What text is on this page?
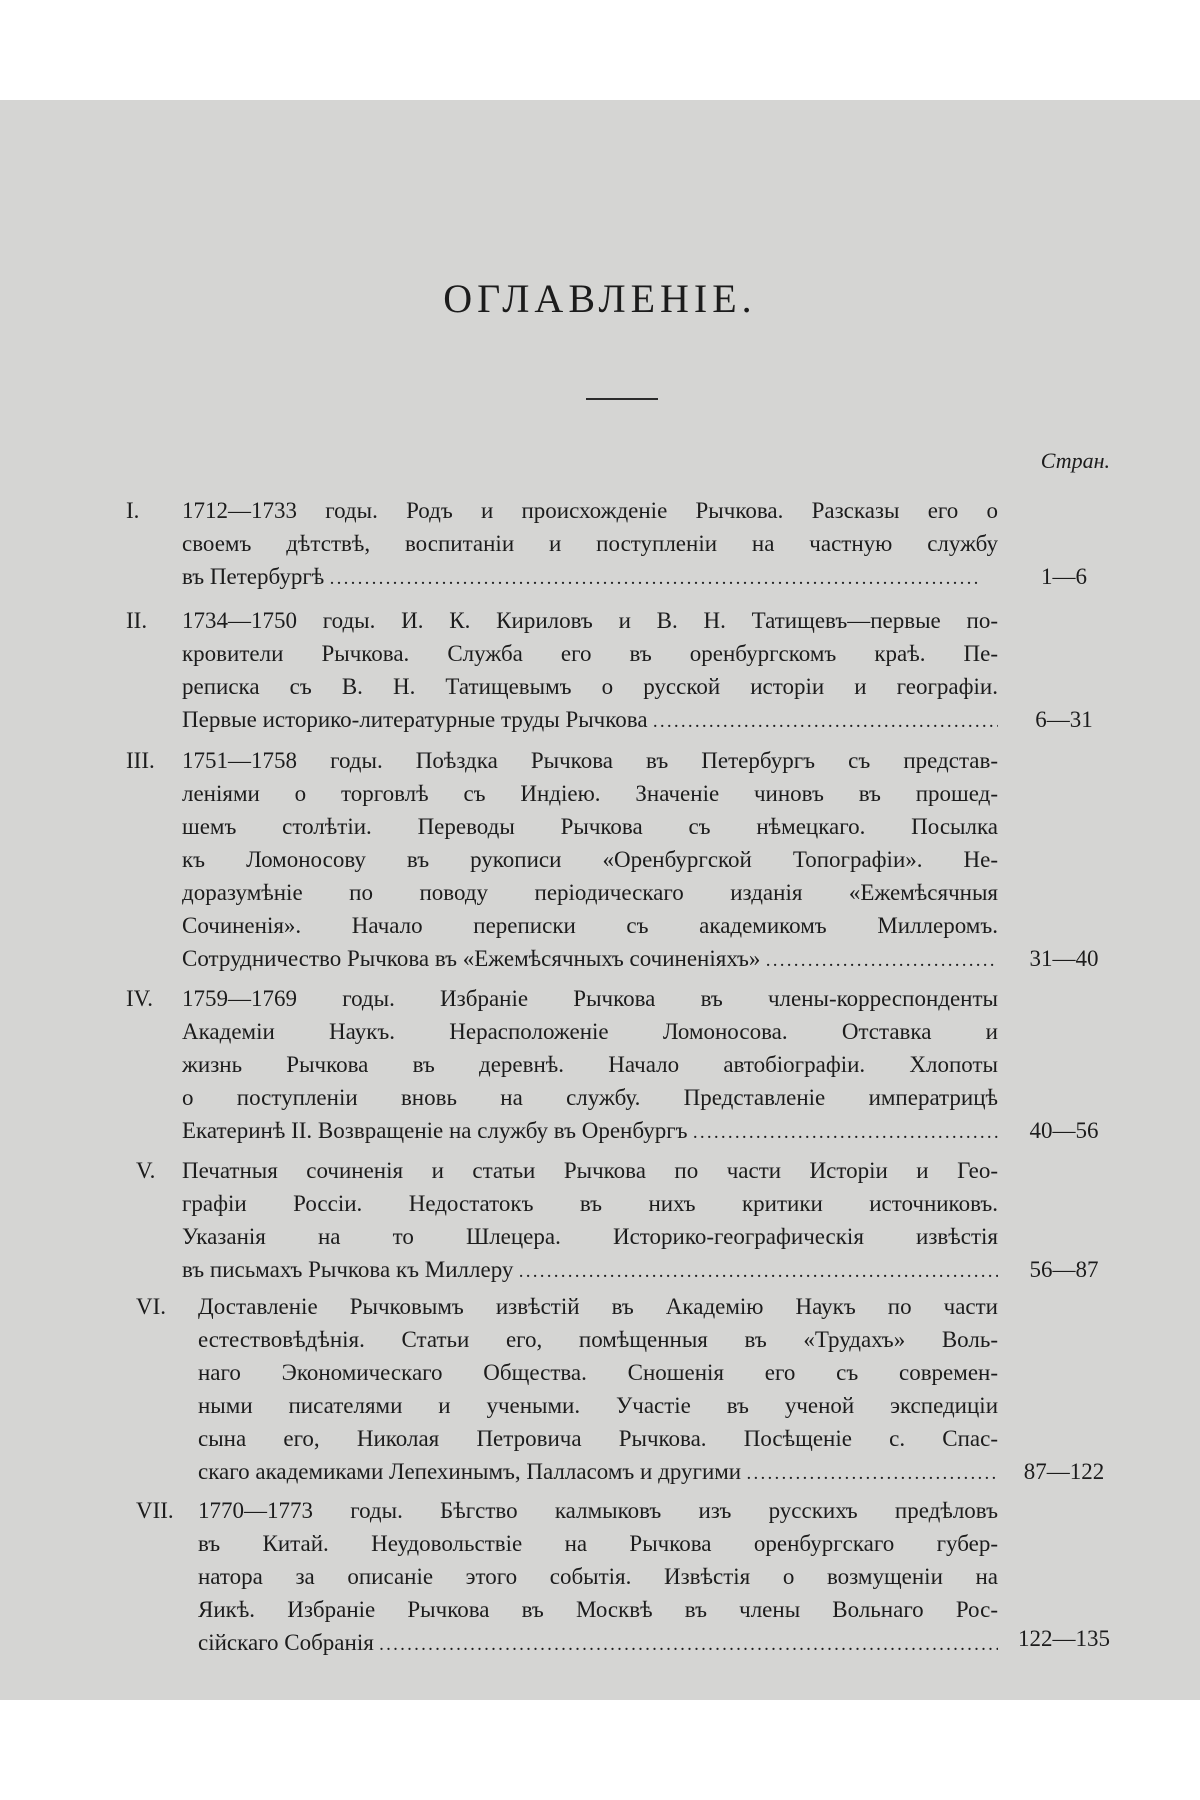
ОГЛАВЛЕНІЕ.
Стран.
I. 1712—1733 годы. Родъ и происхожденіе Рычкова. Разсказы его о
своемъ дѣтствѣ, воспитаніи и поступленіи на частную службу
въ Петербургѣ . . .	1—6
II. 1734—1750 годы. И. К. Кириловъ и В. Н. Татищевъ—первые по-
кровители Рычкова. Служба его въ оренбургскомъ краѣ. Пе-
реписка съ В. Н. Татищевымъ о русской исторіи и географіи.
Первые историко-литературные труды Рычкова . . .	6—31
III. 1751—1758 годы. Поѣздка Рычкова въ Петербургъ съ представ-
леніями о торговлѣ съ Индіею. Значеніе чиновъ въ прошед-
шемъ столѣтіи. Переводы Рычкова съ нѣмецкаго. Посылка
къ Ломоносову въ рукописи «Оренбургской Топографіи». Не-
доразумѣніе по поводу періодическаго изданія «Ежемѣсячныя
Сочиненія». Начало переписки съ академикомъ Миллеромъ.
Сотрудничество Рычкова въ «Ежемѣсячныхъ сочиненіяхъ» . . .	31—40
IV. 1759—1769 годы. Избраніе Рычкова въ члены-корреспонденты
Академіи Наукъ. Нерасположеніе Ломоносова. Отставка и
жизнь Рычкова въ деревнѣ. Начало автобіографіи. Хлопоты
о поступленіи вновь на службу. Представленіе императрицѣ
Екатеринѣ II. Возвращеніе на службу въ Оренбургъ . . .	40—56
V. Печатныя сочиненія и статьи Рычкова по части Исторіи и Гео-
графіи Россіи. Недостатокъ въ нихъ критики источниковъ.
Указанія на то Шлецера. Историко-географическія извѣстія
въ письмахъ Рычкова къ Миллеру . . .	56—87
VI. Доставленіе Рычковымъ извѣстій въ Академію Наукъ по части
естествовѣдѣнія. Статьи его, помѣщенныя въ «Трудахъ» Воль-
наго Экономическаго Общества. Сношенія его съ современ-
ными писателями и учеными. Участіе въ ученой экспедиціи
сына его, Николая Петровича Рычкова. Посѣщеніе с. Спас-
скаго академиками Лепехинымъ, Палласомъ и другими . . .	87—122
VII. 1770—1773 годы. Бѣгство калмыковъ изъ русскихъ предѣловъ
въ Китай. Неудовольствіе на Рычкова оренбургскаго губер-
натора за описаніе этого событія. Извѣстія о возмущеніи на
Яикѣ. Избраніе Рычкова въ Москвѣ въ члены Вольнаго Рос-
сійскаго Собранія . . .	122—135
